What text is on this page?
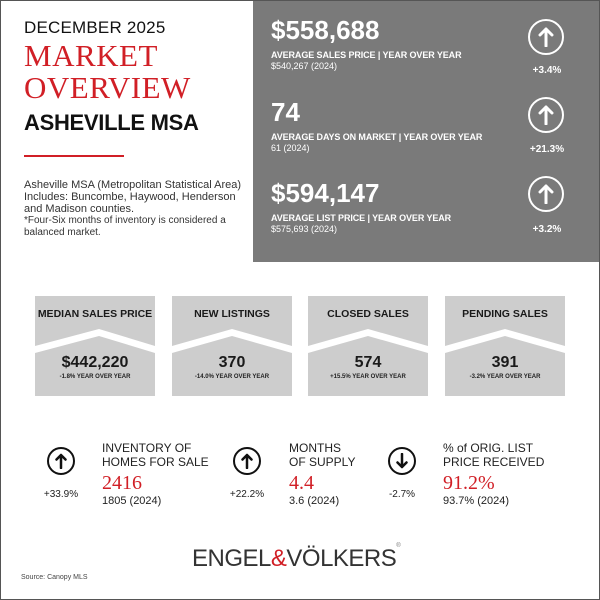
DECEMBER 2025
MARKET
OVERVIEW
ASHEVILLE MSA
Asheville MSA (Metropolitan Statistical Area) Includes: Buncombe, Haywood, Henderson and Madison counties.
*Four-Six months of inventory is considered a balanced market.
$558,688
AVERAGE SALES PRICE | YEAR OVER YEAR
$540,267 (2024)	+3.4%
74
AVERAGE DAYS ON MARKET | YEAR OVER YEAR
61 (2024)	+21.3%
$594,147
AVERAGE LIST PRICE | YEAR OVER YEAR
$575,693 (2024)	+3.2%
MEDIAN SALES PRICE
$442,220
-1.8% YEAR OVER YEAR
NEW LISTINGS
370
-14.0% YEAR OVER YEAR
CLOSED SALES
574
+15.5% YEAR OVER YEAR
PENDING SALES
391
-3.2% YEAR OVER YEAR
+33.9%
INVENTORY OF
HOMES FOR SALE
2416
1805 (2024)
+22.2%
MONTHS
OF SUPPLY
4.4
3.6 (2024)
-2.7%
% of ORIG. LIST
PRICE RECEIVED
91.2%
93.7% (2024)
ENGEL&VÖLKERS®
Source: Canopy MLS
